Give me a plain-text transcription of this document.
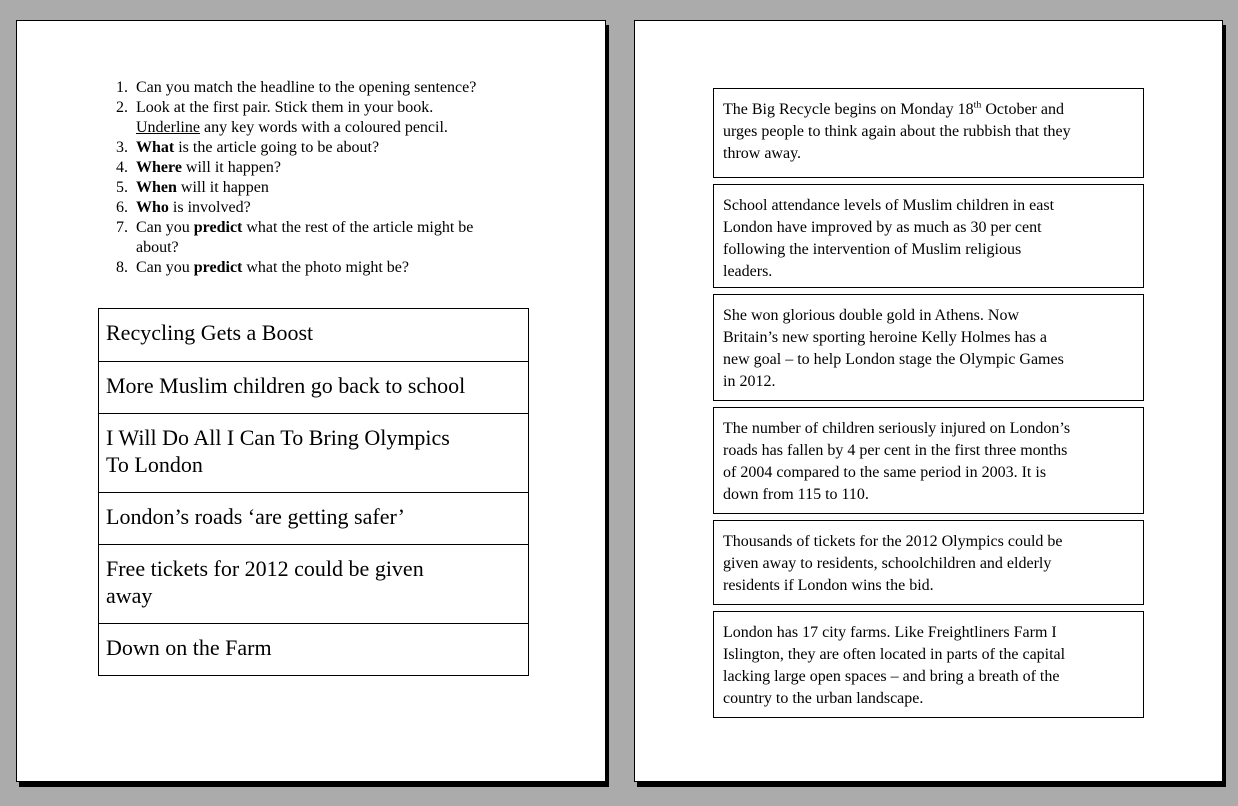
1. Can you match the headline to the opening sentence?
2. Look at the first pair. Stick them in your book.
Underline any key words with a coloured pencil.
3. What is the article going to be about?
4. Where will it happen?
5. When will it happen
6. Who is involved?
7. Can you predict what the rest of the article might be
about?
8. Can you predict what the photo might be?
Recycling Gets a Boost
More Muslim children go back to school
I Will Do All I Can To Bring Olympics
To London
London’s roads ‘are getting safer’
Free tickets for 2012 could be given
away
Down on the Farm
The Big Recycle begins on Monday 18th October and
urges people to think again about the rubbish that they
throw away.
School attendance levels of Muslim children in east
London have improved by as much as 30 per cent
following the intervention of Muslim religious
leaders.
She won glorious double gold in Athens. Now
Britain’s new sporting heroine Kelly Holmes has a
new goal – to help London stage the Olympic Games
in 2012.
The number of children seriously injured on London’s
roads has fallen by 4 per cent in the first three months
of 2004 compared to the same period in 2003. It is
down from 115 to 110.
Thousands of tickets for the 2012 Olympics could be
given away to residents, schoolchildren and elderly
residents if London wins the bid.
London has 17 city farms. Like Freightliners Farm I
Islington, they are often located in parts of the capital
lacking large open spaces – and bring a breath of the
country to the urban landscape.
